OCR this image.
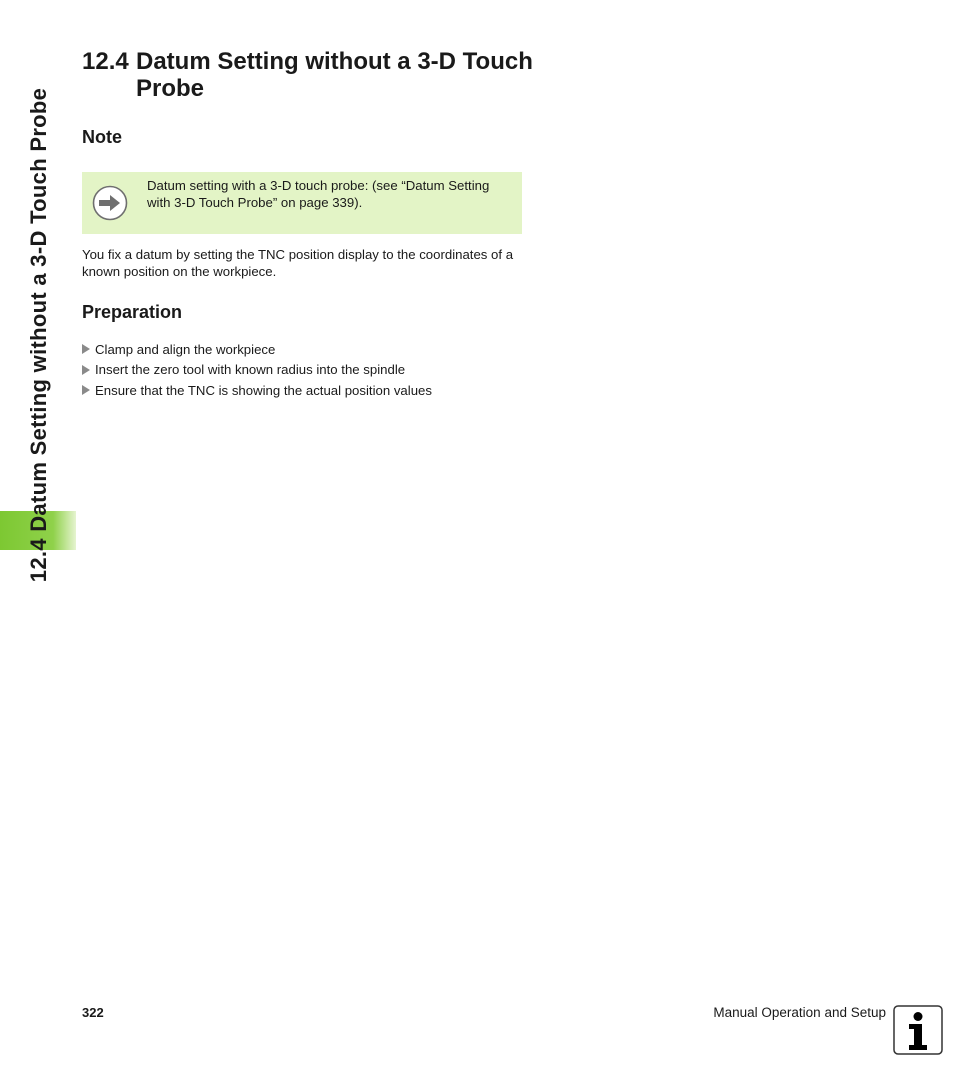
12.4 Datum Setting without a 3-D Touch Probe
12.4 Datum Setting without a 3-D Touch Probe
Note
Datum setting with a 3-D touch probe: (see “Datum Setting with 3-D Touch Probe” on page 339).
You fix a datum by setting the TNC position display to the coordinates of a known position on the workpiece.
Preparation
Clamp and align the workpiece
Insert the zero tool with known radius into the spindle
Ensure that the TNC is showing the actual position values
322	Manual Operation and Setup
